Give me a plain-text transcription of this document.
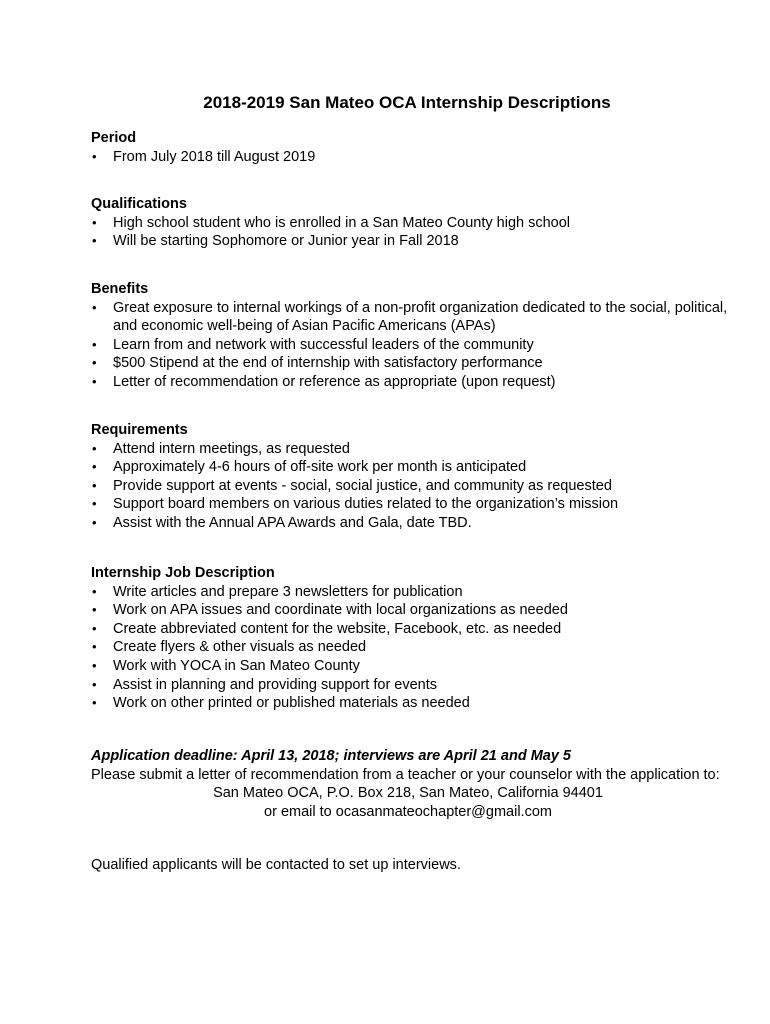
2018-2019 San Mateo OCA Internship Descriptions

Period

• From July 2018 till August 2019

Qualifications

• High school student who is enrolled in a San Mateo County high school
• Will be starting Sophomore or Junior year in Fall 2018

Benefits

• Great exposure to internal workings of a non-profit organization dedicated to the social, political, and economic well-being of Asian Pacific Americans (APAs)
• Learn from and network with successful leaders of the community
• $500 Stipend at the end of internship with satisfactory performance
• Letter of recommendation or reference as appropriate (upon request)

Requirements

• Attend intern meetings, as requested
• Approximately 4-6 hours of off-site work per month is anticipated
• Provide support at events - social, social justice, and community as requested
• Support board members on various duties related to the organization’s mission
• Assist with the Annual APA Awards and Gala, date TBD.

Internship Job Description

• Write articles and prepare 3 newsletters for publication
• Work on APA issues and coordinate with local organizations as needed
• Create abbreviated content for the website, Facebook, etc. as needed
• Create flyers & other visuals as needed
• Work with YOCA in San Mateo County
• Assist in planning and providing support for events
• Work on other printed or published materials as needed

Application deadline: April 13, 2018; interviews are April 21 and May 5

Please submit a letter of recommendation from a teacher or your counselor with the application to:

San Mateo OCA, P.O. Box 218, San Mateo, California 94401

or email to ocasanmateochapter@gmail.com

Qualified applicants will be contacted to set up interviews.
